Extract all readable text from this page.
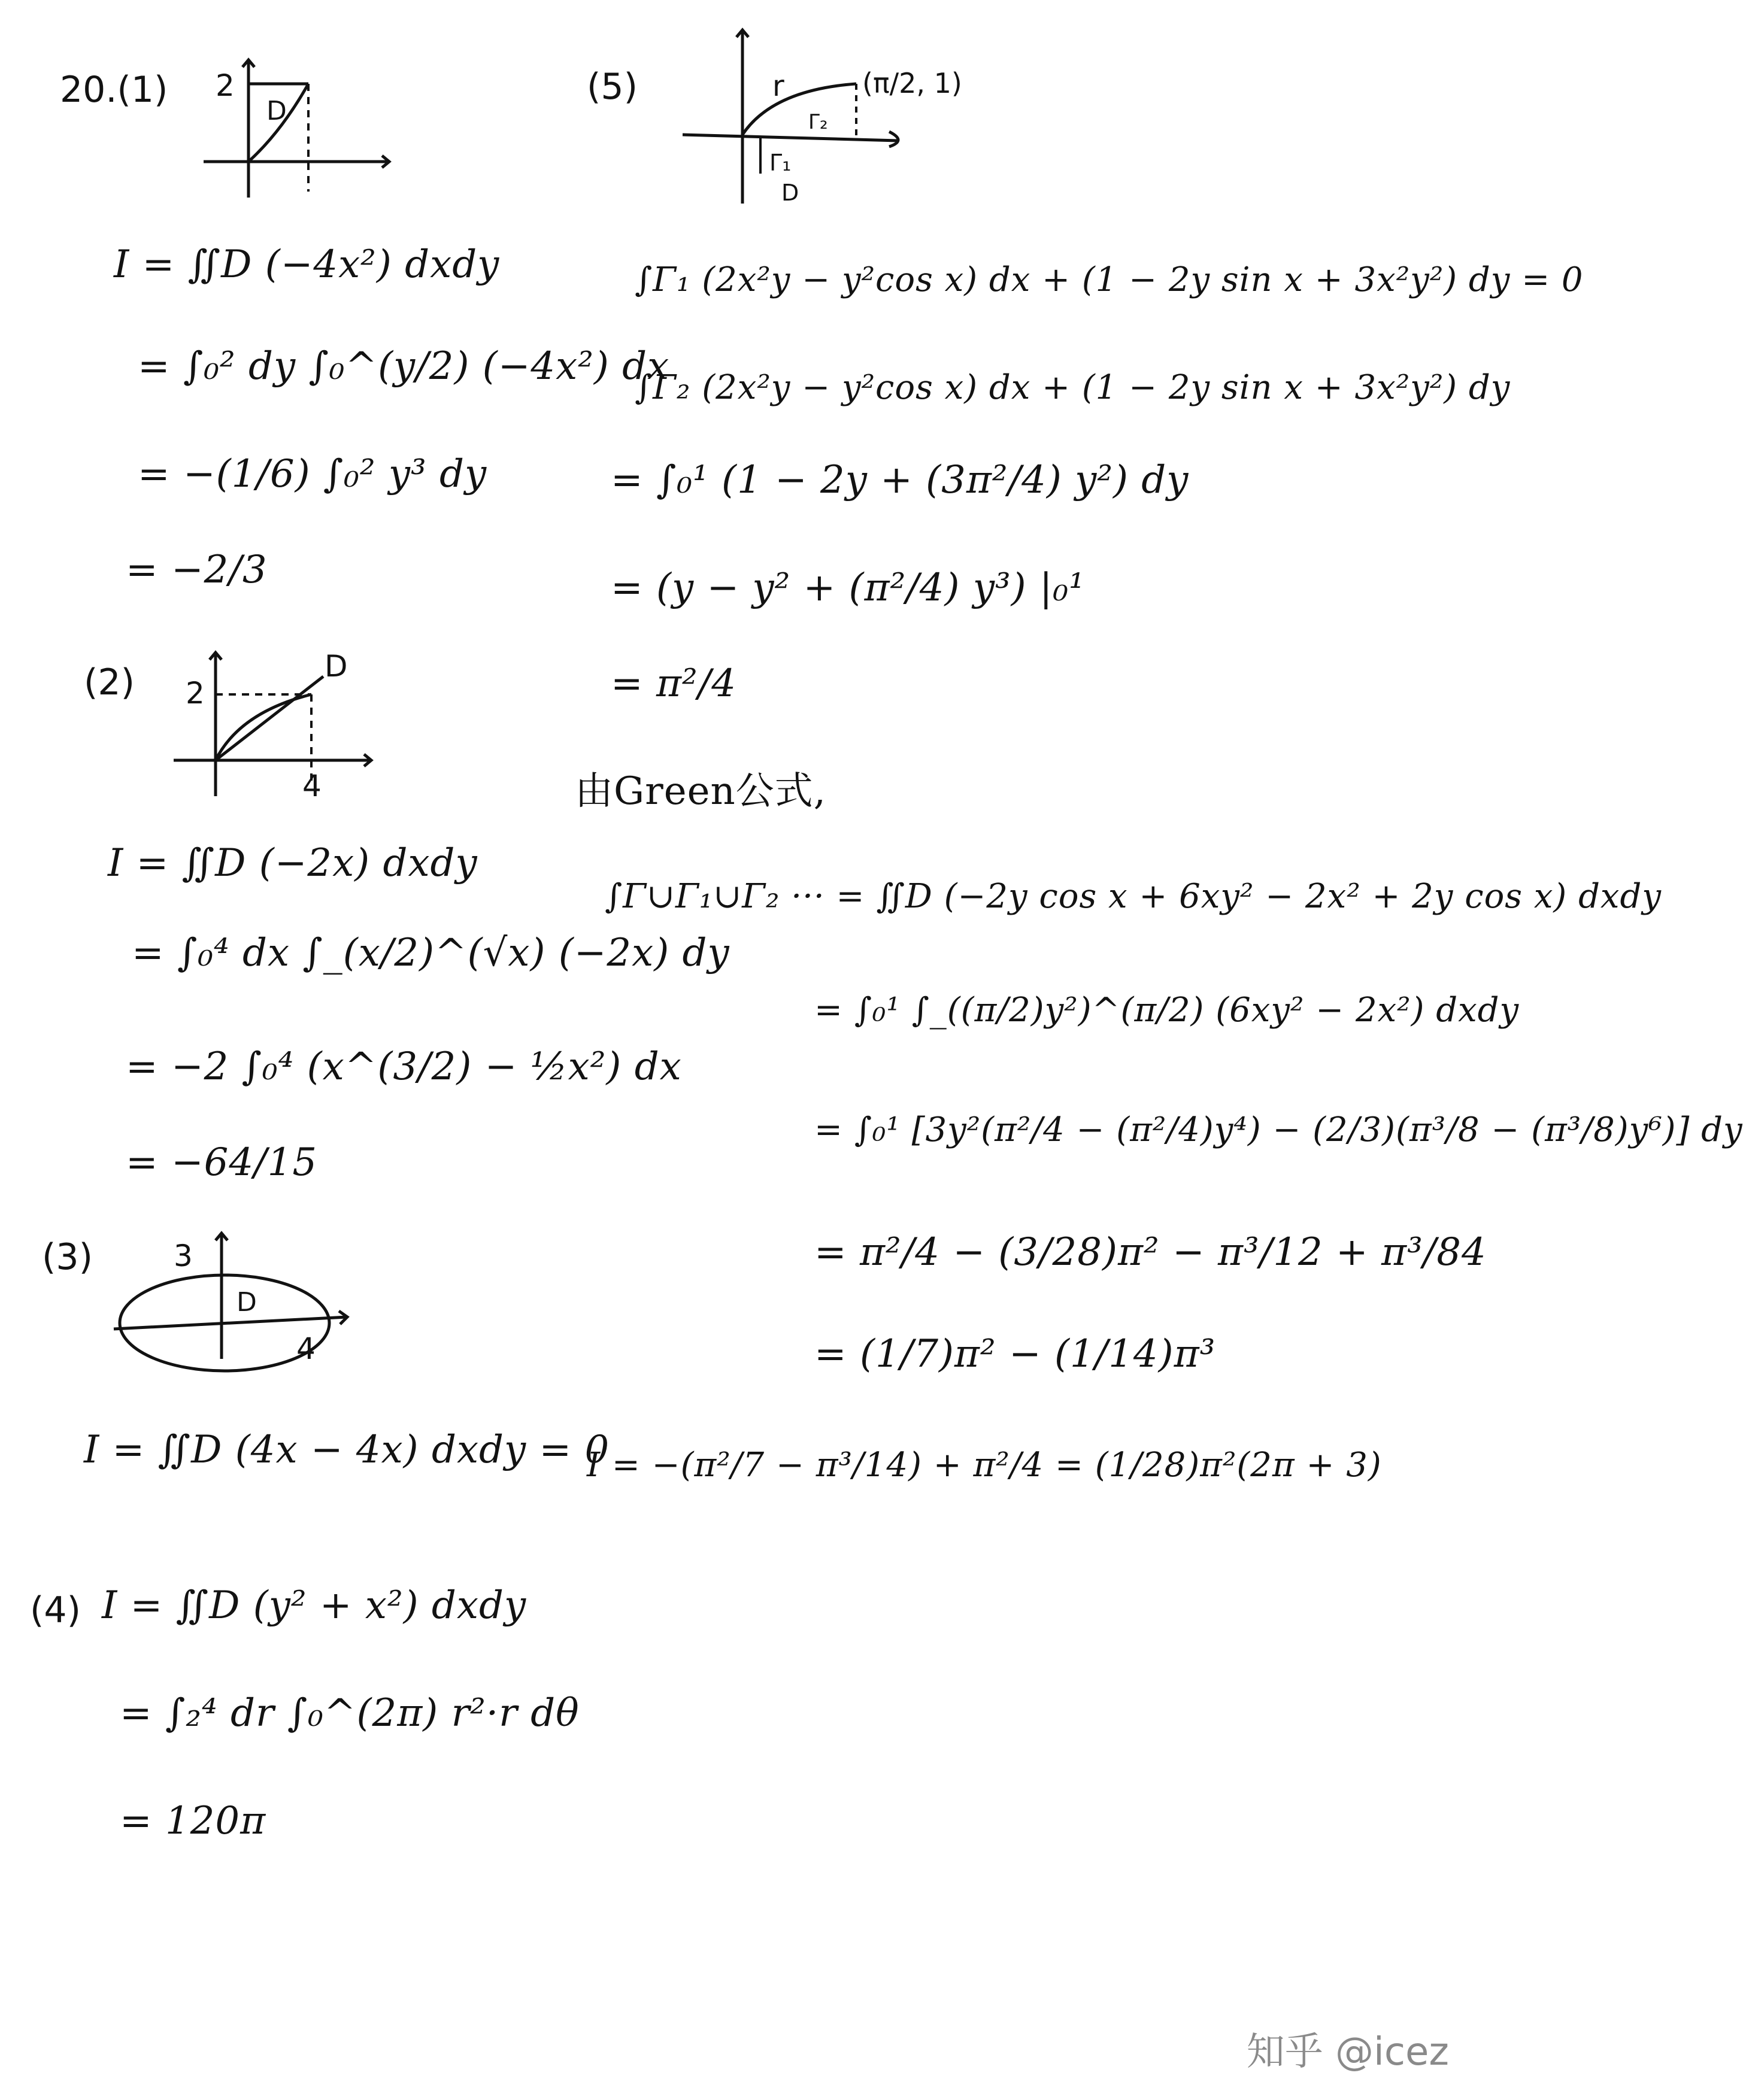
20.(1) 2
D
I = ∬D (−4x²) dxdy
= ∫₀² dy ∫₀^(y/2) (−4x²) dx
= −(1/6) ∫₀² y³ dy
= −2/3
(2) 2
4
D
I = ∬D (−2x) dxdy
= ∫₀⁴ dx ∫_(x/2)^(√x) (−2x) dy
= −2 ∫₀⁴ (x^(3/2) − ½x²) dx
= −64/15
(3)	3
4
D
I = ∬D (4x − 4x) dxdy = 0
(4) I = ∬D (y² + x²) dxdy
= ∫₂⁴ dr ∫₀^(2π) r²·r dθ
= 120π
(5)	r	(π/2, 1)
Γ₂
Γ₁
D
∫Γ₁ (2x²y − y²cos x) dx + (1 − 2y sin x + 3x²y²) dy = 0
∫Γ₂ (2x²y − y²cos x) dx + (1 − 2y sin x + 3x²y²) dy
= ∫₀¹ (1 − 2y + (3π²/4) y²) dy
= (y − y² + (π²/4) y³) |₀¹
= π²/4
由Green公式,
∫Γ∪Γ₁∪Γ₂ ··· = ∬D (−2y cos x + 6xy² − 2x² + 2y cos x) dxdy
= ∫₀¹ ∫_((π/2)y²)^(π/2) (6xy² − 2x²) dxdy
= ∫₀¹ [3y²(π²/4 − (π²/4)y⁴) − (2/3)(π³/8 − (π³/8)y⁶)] dy
= π²/4 − (3/28)π² − π³/12 + π³/84
= (1/7)π² − (1/14)π³
I = −(π²/7 − π³/14) + π²/4 = (1/28)π²(2π + 3)
知乎 @icez
